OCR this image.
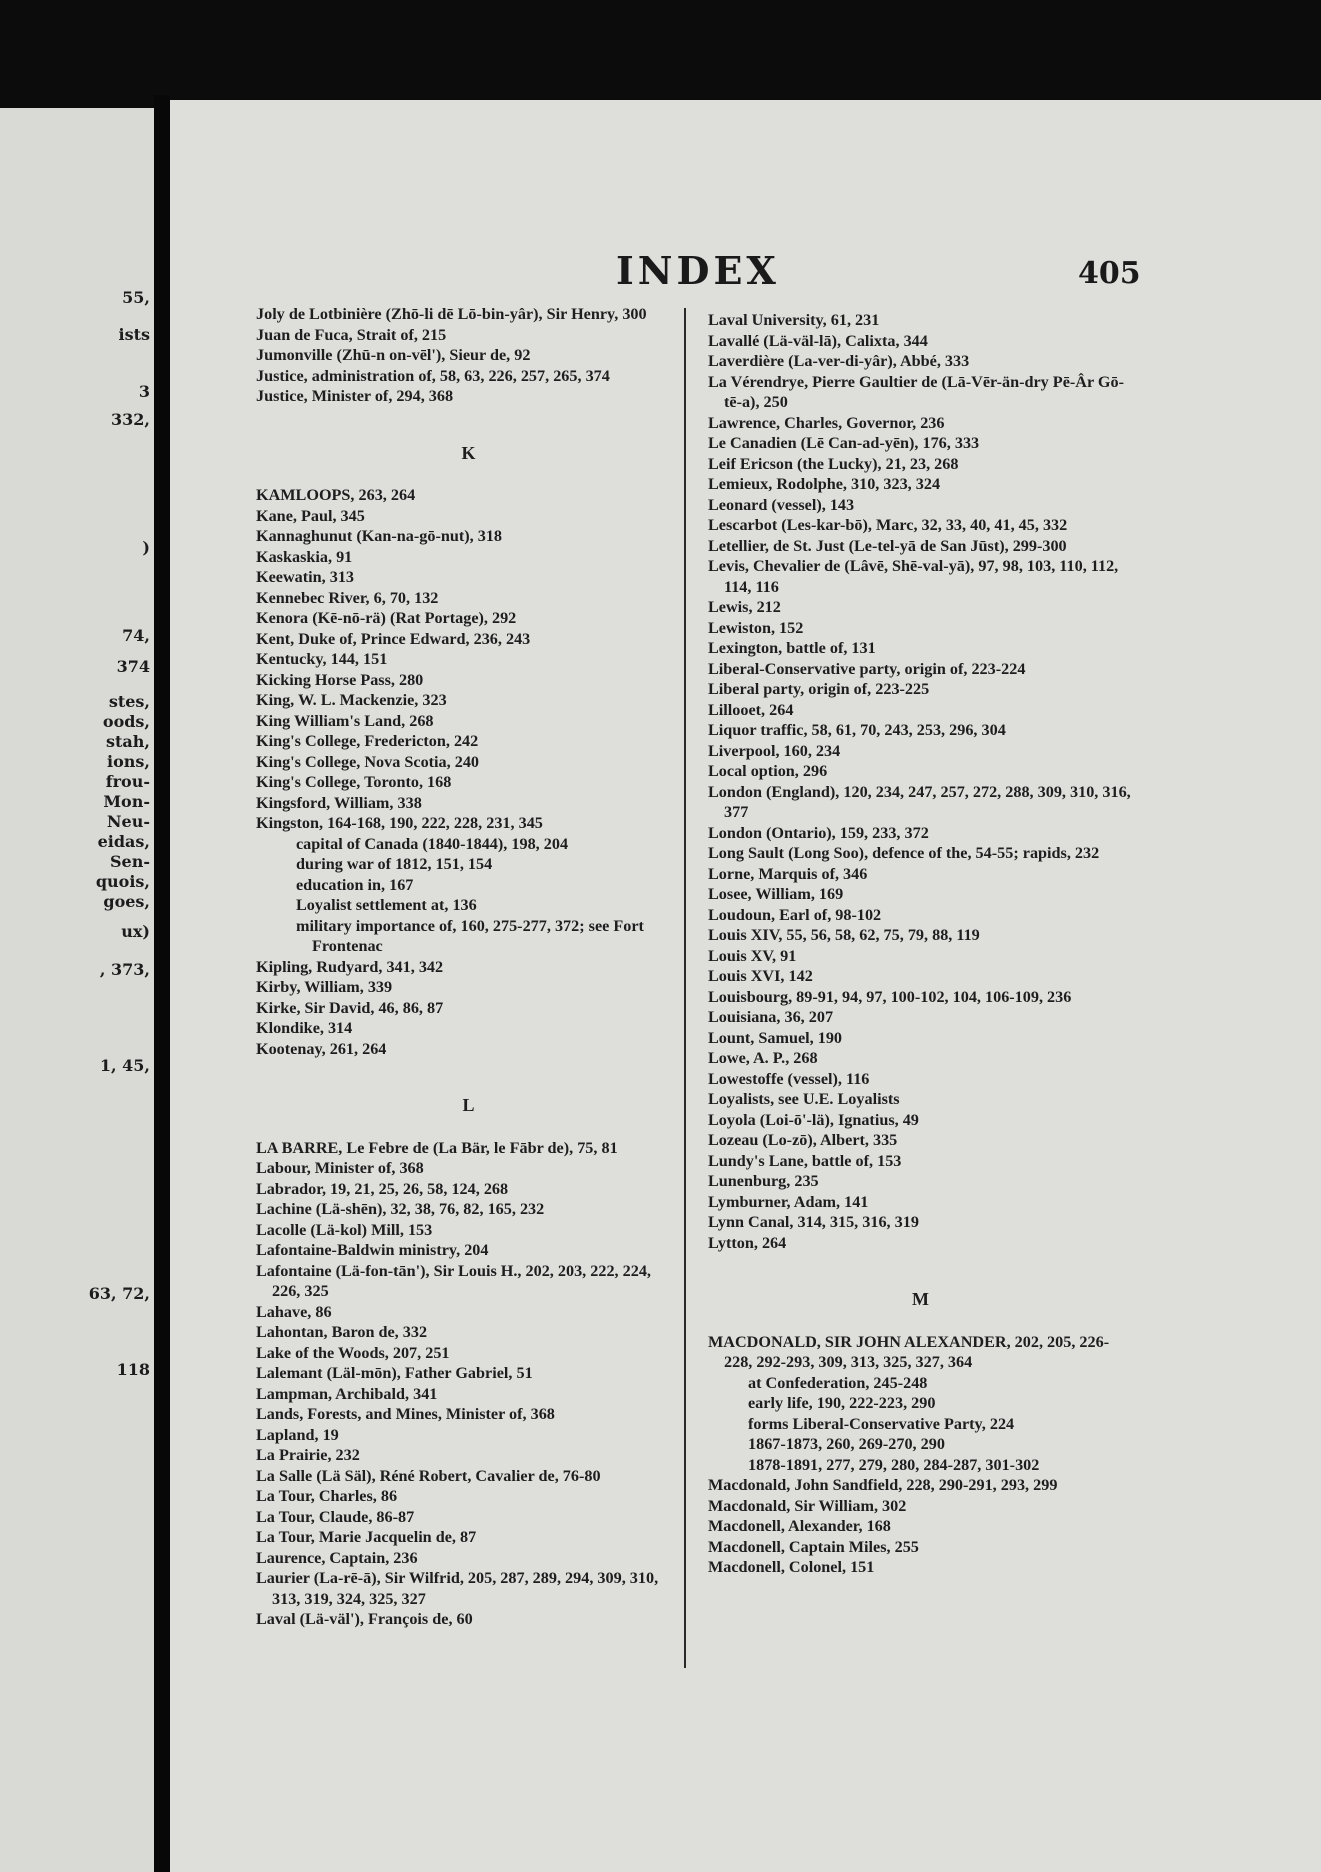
55,
ists
3
332,
)
74,
374
stes,
oods,
stah,
ions,
frou-
Mon-
Neu-
eidas,
Sen-
quois,
goes,
ux)
, 373,
1, 45,
63, 72,
118
INDEX	405
Joly de Lotbinière (Zhō-li dē Lō-bin-yâr), Sir Henry, 300
Juan de Fuca, Strait of, 215
Jumonville (Zhū-n on-vēl'), Sieur de, 92
Justice, administration of, 58, 63, 226, 257, 265, 374
Justice, Minister of, 294, 368
K
KAMLOOPS, 263, 264
Kane, Paul, 345
Kannaghunut (Kan-na-gō-nut), 318
Kaskaskia, 91
Keewatin, 313
Kennebec River, 6, 70, 132
Kenora (Kē-nō-rä) (Rat Portage), 292
Kent, Duke of, Prince Edward, 236, 243
Kentucky, 144, 151
Kicking Horse Pass, 280
King, W. L. Mackenzie, 323
King William's Land, 268
King's College, Fredericton, 242
King's College, Nova Scotia, 240
King's College, Toronto, 168
Kingsford, William, 338
Kingston, 164-168, 190, 222, 228, 231, 345
capital of Canada (1840-1844), 198, 204
during war of 1812, 151, 154
education in, 167
Loyalist settlement at, 136
military importance of, 160, 275-277, 372; see Fort Frontenac
Kipling, Rudyard, 341, 342
Kirby, William, 339
Kirke, Sir David, 46, 86, 87
Klondike, 314
Kootenay, 261, 264
L
LA BARRE, Le Febre de (La Bär, le Fābr de), 75, 81
Labour, Minister of, 368
Labrador, 19, 21, 25, 26, 58, 124, 268
Lachine (Lä-shēn), 32, 38, 76, 82, 165, 232
Lacolle (Lä-kol) Mill, 153
Lafontaine-Baldwin ministry, 204
Lafontaine (Lä-fon-tān'), Sir Louis H., 202, 203, 222, 224, 226, 325
Lahave, 86
Lahontan, Baron de, 332
Lake of the Woods, 207, 251
Lalemant (Läl-mōn), Father Gabriel, 51
Lampman, Archibald, 341
Lands, Forests, and Mines, Minister of, 368
Lapland, 19
La Prairie, 232
La Salle (Lä Säl), Réné Robert, Cavalier de, 76-80
La Tour, Charles, 86
La Tour, Claude, 86-87
La Tour, Marie Jacquelin de, 87
Laurence, Captain, 236
Laurier (La-rē-ā), Sir Wilfrid, 205, 287, 289, 294, 309, 310, 313, 319, 324, 325, 327
Laval (Lä-väl'), François de, 60
Laval University, 61, 231
Lavallé (Lä-väl-lā), Calixta, 344
Laverdière (La-ver-di-yâr), Abbé, 333
La Vérendrye, Pierre Gaultier de (Lā-Vēr-än-dry Pē-Âr Gō-tē-a), 250
Lawrence, Charles, Governor, 236
Le Canadien (Lē Can-ad-yēn), 176, 333
Leif Ericson (the Lucky), 21, 23, 268
Lemieux, Rodolphe, 310, 323, 324
Leonard (vessel), 143
Lescarbot (Les-kar-bō), Marc, 32, 33, 40, 41, 45, 332
Letellier, de St. Just (Le-tel-yā de San Jūst), 299-300
Levis, Chevalier de (Lâvē, Shē-val-yā), 97, 98, 103, 110, 112, 114, 116
Lewis, 212
Lewiston, 152
Lexington, battle of, 131
Liberal-Conservative party, origin of, 223-224
Liberal party, origin of, 223-225
Lillooet, 264
Liquor traffic, 58, 61, 70, 243, 253, 296, 304
Liverpool, 160, 234
Local option, 296
London (England), 120, 234, 247, 257, 272, 288, 309, 310, 316, 377
London (Ontario), 159, 233, 372
Long Sault (Long Soo), defence of the, 54-55; rapids, 232
Lorne, Marquis of, 346
Losee, William, 169
Loudoun, Earl of, 98-102
Louis XIV, 55, 56, 58, 62, 75, 79, 88, 119
Louis XV, 91
Louis XVI, 142
Louisbourg, 89-91, 94, 97, 100-102, 104, 106-109, 236
Louisiana, 36, 207
Lount, Samuel, 190
Lowe, A. P., 268
Lowestoffe (vessel), 116
Loyalists, see U.E. Loyalists
Loyola (Loi-ō'-lä), Ignatius, 49
Lozeau (Lo-zō), Albert, 335
Lundy's Lane, battle of, 153
Lunenburg, 235
Lymburner, Adam, 141
Lynn Canal, 314, 315, 316, 319
Lytton, 264
M
MACDONALD, SIR JOHN ALEXANDER, 202, 205, 226-228, 292-293, 309, 313, 325, 327, 364
at Confederation, 245-248
early life, 190, 222-223, 290
forms Liberal-Conservative Party, 224
1867-1873, 260, 269-270, 290
1878-1891, 277, 279, 280, 284-287, 301-302
Macdonald, John Sandfield, 228, 290-291, 293, 299
Macdonald, Sir William, 302
Macdonell, Alexander, 168
Macdonell, Captain Miles, 255
Macdonell, Colonel, 151
